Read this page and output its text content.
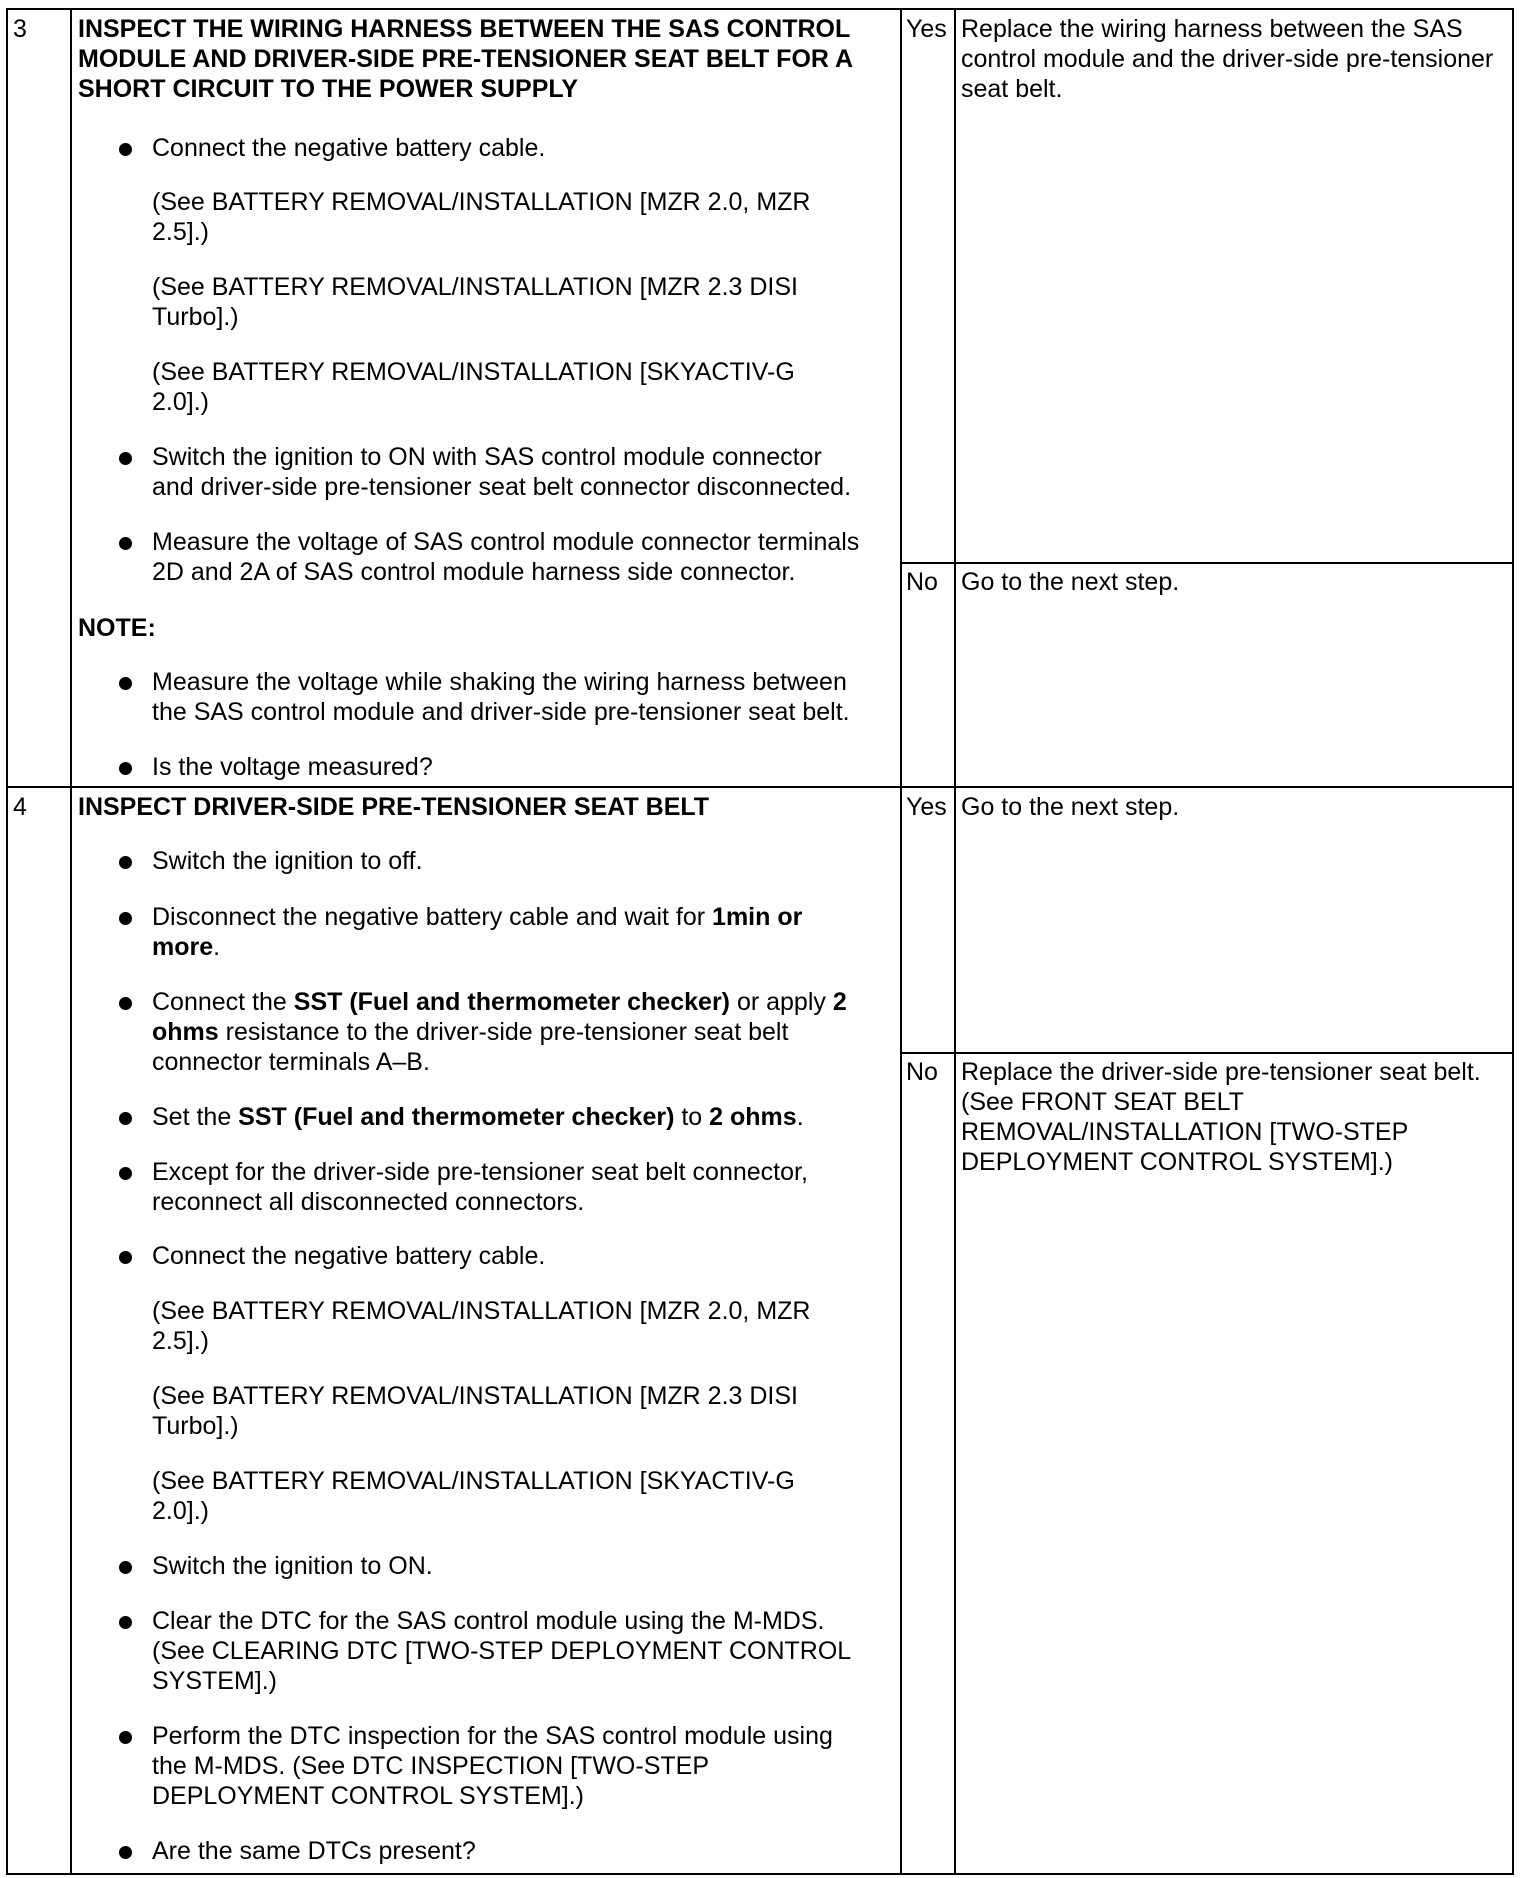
3 INSPECT THE WIRING HARNESS BETWEEN THE SAS CONTROL
MODULE AND DRIVER-SIDE PRE-TENSIONER SEAT BELT FOR A
SHORT CIRCUIT TO THE POWER SUPPLY
Connect the negative battery cable.
(See BATTERY REMOVAL/INSTALLATION [MZR 2.0, MZR
2.5].)
(See BATTERY REMOVAL/INSTALLATION [MZR 2.3 DISI
Turbo].)
(See BATTERY REMOVAL/INSTALLATION [SKYACTIV-G
2.0].)
Switch the ignition to ON with SAS control module connector
and driver-side pre-tensioner seat belt connector disconnected.
Measure the voltage of SAS control module connector terminals
2D and 2A of SAS control module harness side connector.
NOTE:
Measure the voltage while shaking the wiring harness between
the SAS control module and driver-side pre-tensioner seat belt.
Is the voltage measured?
Yes Replace the wiring harness between the SAS
control module and the driver-side pre-tensioner
seat belt.
No Go to the next step.
4 INSPECT DRIVER-SIDE PRE-TENSIONER SEAT BELT
Switch the ignition to off.
Disconnect the negative battery cable and wait for 1min or
more.
Connect the SST (Fuel and thermometer checker) or apply 2
ohms resistance to the driver-side pre-tensioner seat belt
connector terminals A–B.
Set the SST (Fuel and thermometer checker) to 2 ohms.
Except for the driver-side pre-tensioner seat belt connector,
reconnect all disconnected connectors.
Connect the negative battery cable.
(See BATTERY REMOVAL/INSTALLATION [MZR 2.0, MZR
2.5].)
(See BATTERY REMOVAL/INSTALLATION [MZR 2.3 DISI
Turbo].)
(See BATTERY REMOVAL/INSTALLATION [SKYACTIV-G
2.0].)
Switch the ignition to ON.
Clear the DTC for the SAS control module using the M-MDS.
(See CLEARING DTC [TWO-STEP DEPLOYMENT CONTROL
SYSTEM].)
Perform the DTC inspection for the SAS control module using
the M-MDS. (See DTC INSPECTION [TWO-STEP
DEPLOYMENT CONTROL SYSTEM].)
Are the same DTCs present?
Yes Go to the next step.
No Replace the driver-side pre-tensioner seat belt.
(See FRONT SEAT BELT
REMOVAL/INSTALLATION [TWO-STEP
DEPLOYMENT CONTROL SYSTEM].)
